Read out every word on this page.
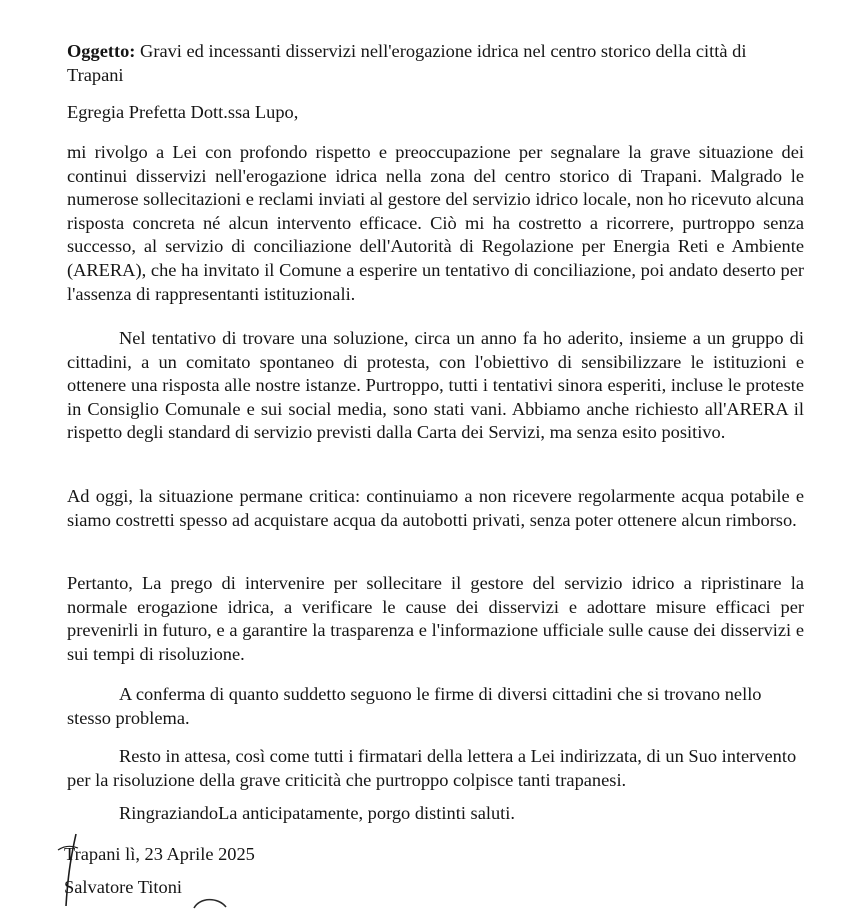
Oggetto: Gravi ed incessanti disservizi nell'erogazione idrica nel centro storico della città di Trapani

Egregia Prefetta Dott.ssa Lupo,

mi rivolgo a Lei con profondo rispetto e preoccupazione per segnalare la grave situazione dei continui disservizi nell'erogazione idrica nella zona del centro storico di Trapani. Malgrado le numerose sollecitazioni e reclami inviati al gestore del servizio idrico locale, non ho ricevuto alcuna risposta concreta né alcun intervento efficace. Ciò mi ha costretto a ricorrere, purtroppo senza successo, al servizio di conciliazione dell'Autorità di Regolazione per Energia Reti e Ambiente (ARERA), che ha invitato il Comune a esperire un tentativo di conciliazione, poi andato deserto per l'assenza di rappresentanti istituzionali.

Nel tentativo di trovare una soluzione, circa un anno fa ho aderito, insieme a un gruppo di cittadini, a un comitato spontaneo di protesta, con l'obiettivo di sensibilizzare le istituzioni e ottenere una risposta alle nostre istanze. Purtroppo, tutti i tentativi sinora esperiti, incluse le proteste in Consiglio Comunale e sui social media, sono stati vani. Abbiamo anche richiesto all'ARERA il rispetto degli standard di servizio previsti dalla Carta dei Servizi, ma senza esito positivo.

Ad oggi, la situazione permane critica: continuiamo a non ricevere regolarmente acqua potabile e siamo costretti spesso ad acquistare acqua da autobotti privati, senza poter ottenere alcun rimborso.

Pertanto, La prego di intervenire per sollecitare il gestore del servizio idrico a ripristinare la normale erogazione idrica, a verificare le cause dei disservizi e adottare misure efficaci per prevenirli in futuro, e a garantire la trasparenza e l'informazione ufficiale sulle cause dei disservizi e sui tempi di risoluzione.

A conferma di quanto suddetto seguono le firme di diversi cittadini che si trovano nello stesso problema.

Resto in attesa, così come tutti i firmatari della lettera a Lei indirizzata, di un Suo intervento per la risoluzione della grave criticità che purtroppo colpisce tanti trapanesi.

RingraziandoLa anticipatamente, porgo distinti saluti.

Trapani lì, 23 Aprile 2025

Salvatore Titoni
